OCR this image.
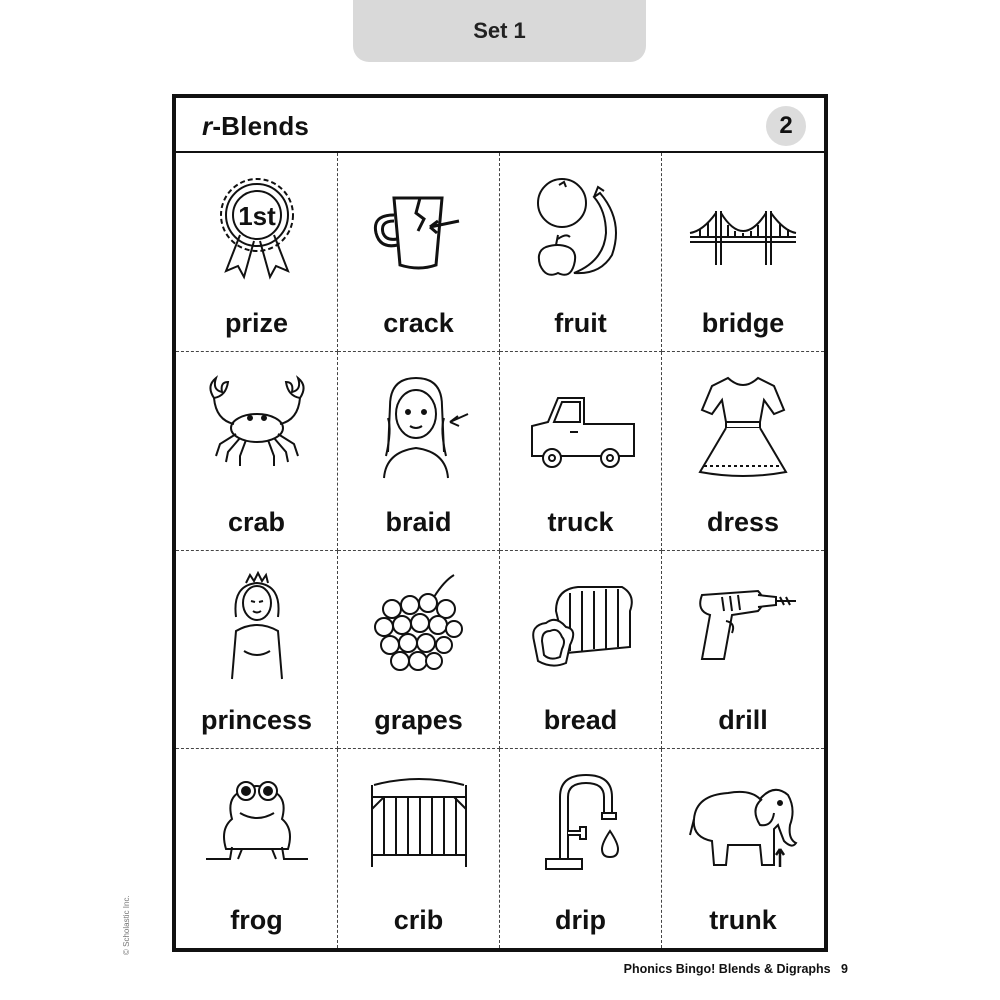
Set 1
r-Blends	2
1st
prize	crack	fruit	bridge
crab	braid	truck	dress
princess	grapes	bread	drill
frog	crib	drip	trunk
© Scholastic Inc.
Phonics Bingo! Blends & Digraphs   9
